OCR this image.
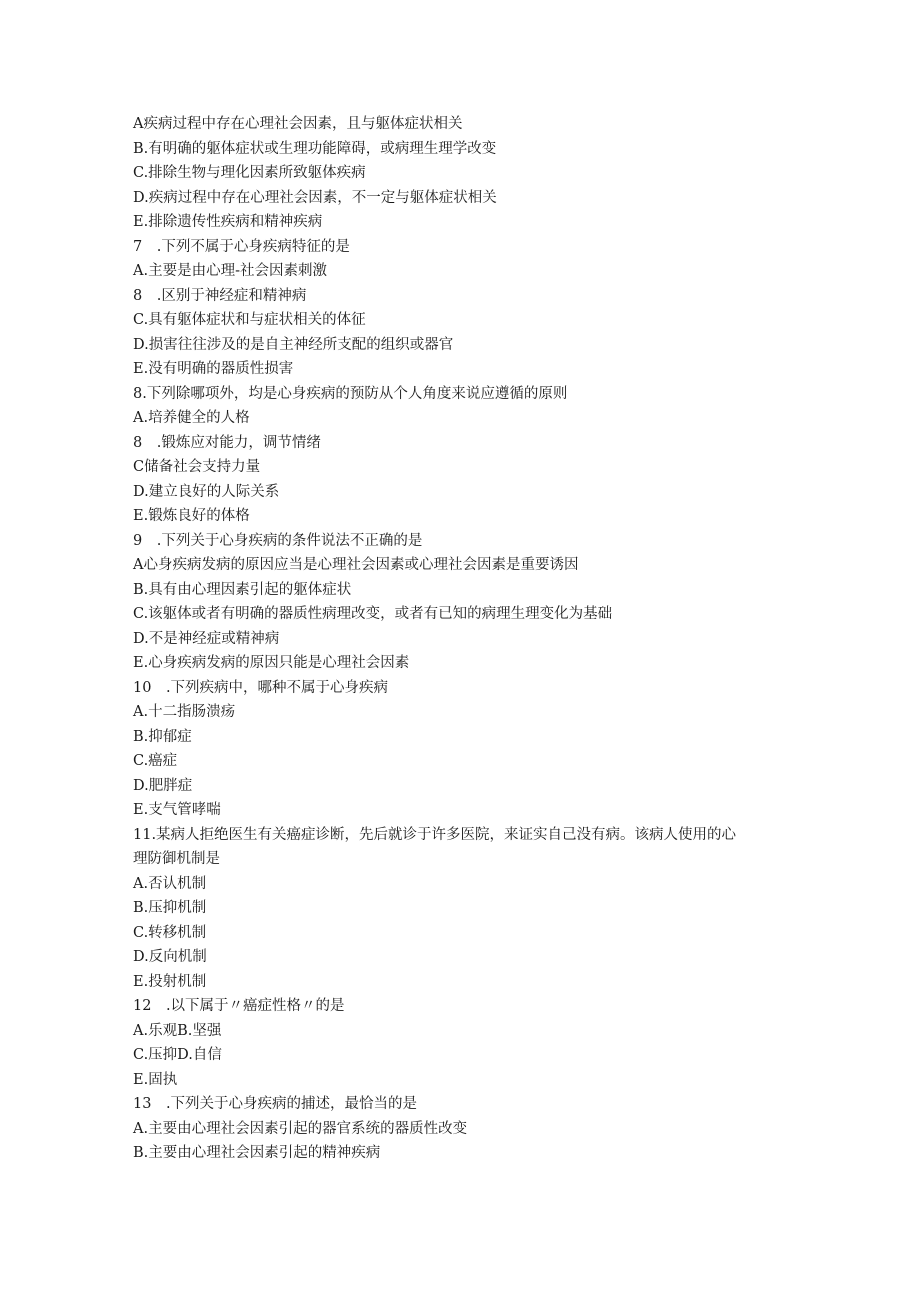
A疾病过程中存在心理社会因素，且与躯体症状相关
B.有明确的躯体症状或生理功能障碍，或病理生理学改变
C.排除生物与理化因素所致躯体疾病
D.疾病过程中存在心理社会因素，不一定与躯体症状相关
E.排除遗传性疾病和精神疾病
7　.下列不属于心身疾病特征的是
A.主要是由心理-社会因素刺激
8　.区别于神经症和精神病
C.具有躯体症状和与症状相关的体征
D.损害往往涉及的是自主神经所支配的组织或器官
E.没有明确的器质性损害
8.下列除哪项外，均是心身疾病的预防从个人角度来说应遵循的原则
A.培养健全的人格
8　.锻炼应对能力，调节情绪
C储备社会支持力量
D.建立良好的人际关系
E.锻炼良好的体格
9　.下列关于心身疾病的条件说法不正确的是
A心身疾病发病的原因应当是心理社会因素或心理社会因素是重要诱因
B.具有由心理因素引起的躯体症状
C.该躯体或者有明确的器质性病理改变，或者有已知的病理生理变化为基础
D.不是神经症或精神病
E.心身疾病发病的原因只能是心理社会因素
10　.下列疾病中，哪种不属于心身疾病
A.十二指肠溃疡
B.抑郁症
C.癌症
D.肥胖症
E.支气管哮喘
11.某病人拒绝医生有关癌症诊断，先后就诊于许多医院，来证实自己没有病。该病人使用的心
理防御机制是
A.否认机制
B.压抑机制
C.转移机制
D.反向机制
E.投射机制
12　.以下属于〃癌症性格〃的是
A.乐观B.坚强
C.压抑D.自信
E.固执
13　.下列关于心身疾病的捕述，最恰当的是
A.主要由心理社会因素引起的器官系统的器质性改变
B.主要由心理社会因素引起的精神疾病
